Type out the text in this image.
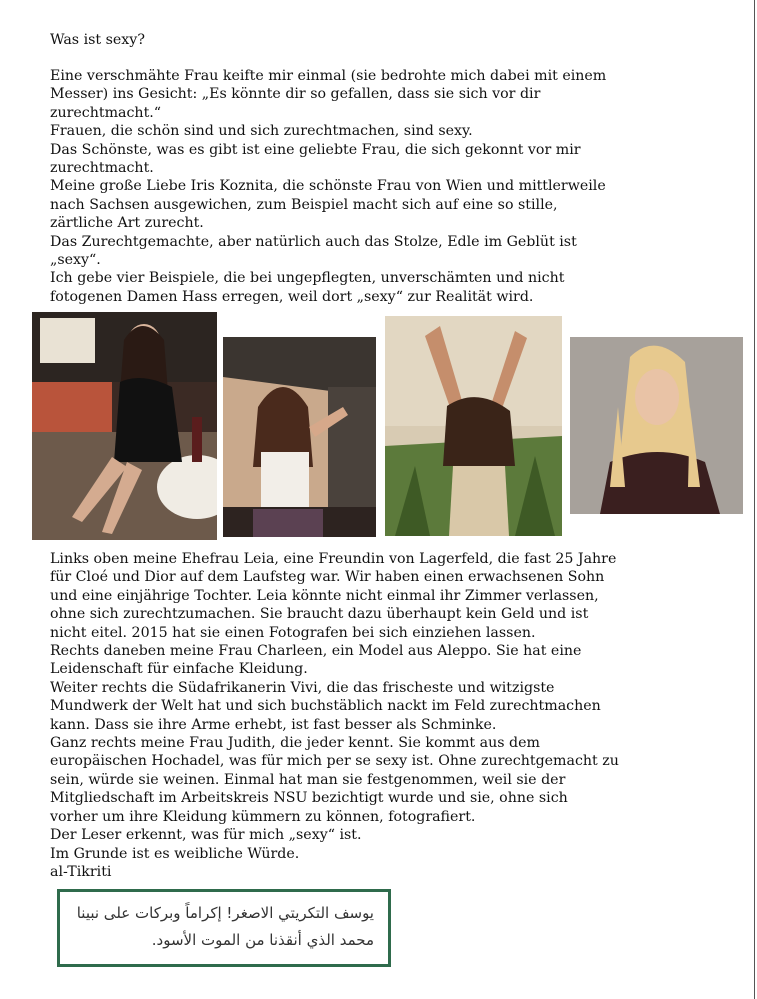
Was ist sexy?

Eine verschmähte Frau keifte mir einmal (sie bedrohte mich dabei mit einem

Messer) ins Gesicht: „Es könnte dir so gefallen, dass sie sich vor dir

zurechtmacht.“

Frauen, die schön sind und sich zurechtmachen, sind sexy.

Das Schönste, was es gibt ist eine geliebte Frau, die sich gekonnt vor mir

zurechtmacht.

Meine große Liebe Iris Koznita, die schönste Frau von Wien und mittlerweile

nach Sachsen ausgewichen, zum Beispiel macht sich auf eine so stille,

zärtliche Art zurecht.

Das Zurechtgemachte, aber natürlich auch das Stolze, Edle im Geblüt ist

„sexy“.

Ich gebe vier Beispiele, die bei ungepflegten, unverschämten und nicht

fotogenen Damen Hass erregen, weil dort „sexy“ zur Realität wird.

Links oben meine Ehefrau Leia, eine Freundin von Lagerfeld, die fast 25 Jahre

für Cloé und Dior auf dem Laufsteg war. Wir haben einen erwachsenen Sohn

und eine einjährige Tochter. Leia könnte nicht einmal ihr Zimmer verlassen,

ohne sich zurechtzumachen. Sie braucht dazu überhaupt kein Geld und ist

nicht eitel. 2015 hat sie einen Fotografen bei sich einziehen lassen.

Rechts daneben meine Frau Charleen, ein Model aus Aleppo. Sie hat eine

Leidenschaft für einfache Kleidung.

Weiter rechts die Südafrikanerin Vivi, die das frischeste und witzigste

Mundwerk der Welt hat und sich buchstäblich nackt im Feld zurechtmachen

kann. Dass sie ihre Arme erhebt, ist fast besser als Schminke.

Ganz rechts meine Frau Judith, die jeder kennt. Sie kommt aus dem

europäischen Hochadel, was für mich per se sexy ist. Ohne zurechtgemacht zu

sein, würde sie weinen. Einmal hat man sie festgenommen, weil sie der

Mitgliedschaft im Arbeitskreis NSU bezichtigt wurde und sie, ohne sich

vorher um ihre Kleidung kümmern zu können, fotografiert.

Der Leser erkennt, was für mich „sexy“ ist.

Im Grunde ist es weibliche Würde.

al-Tikriti

يوسف التكريتي الاصغر! إكراماً وبركات على نبينا
محمد الذي أنقذنا من الموت الأسود.
